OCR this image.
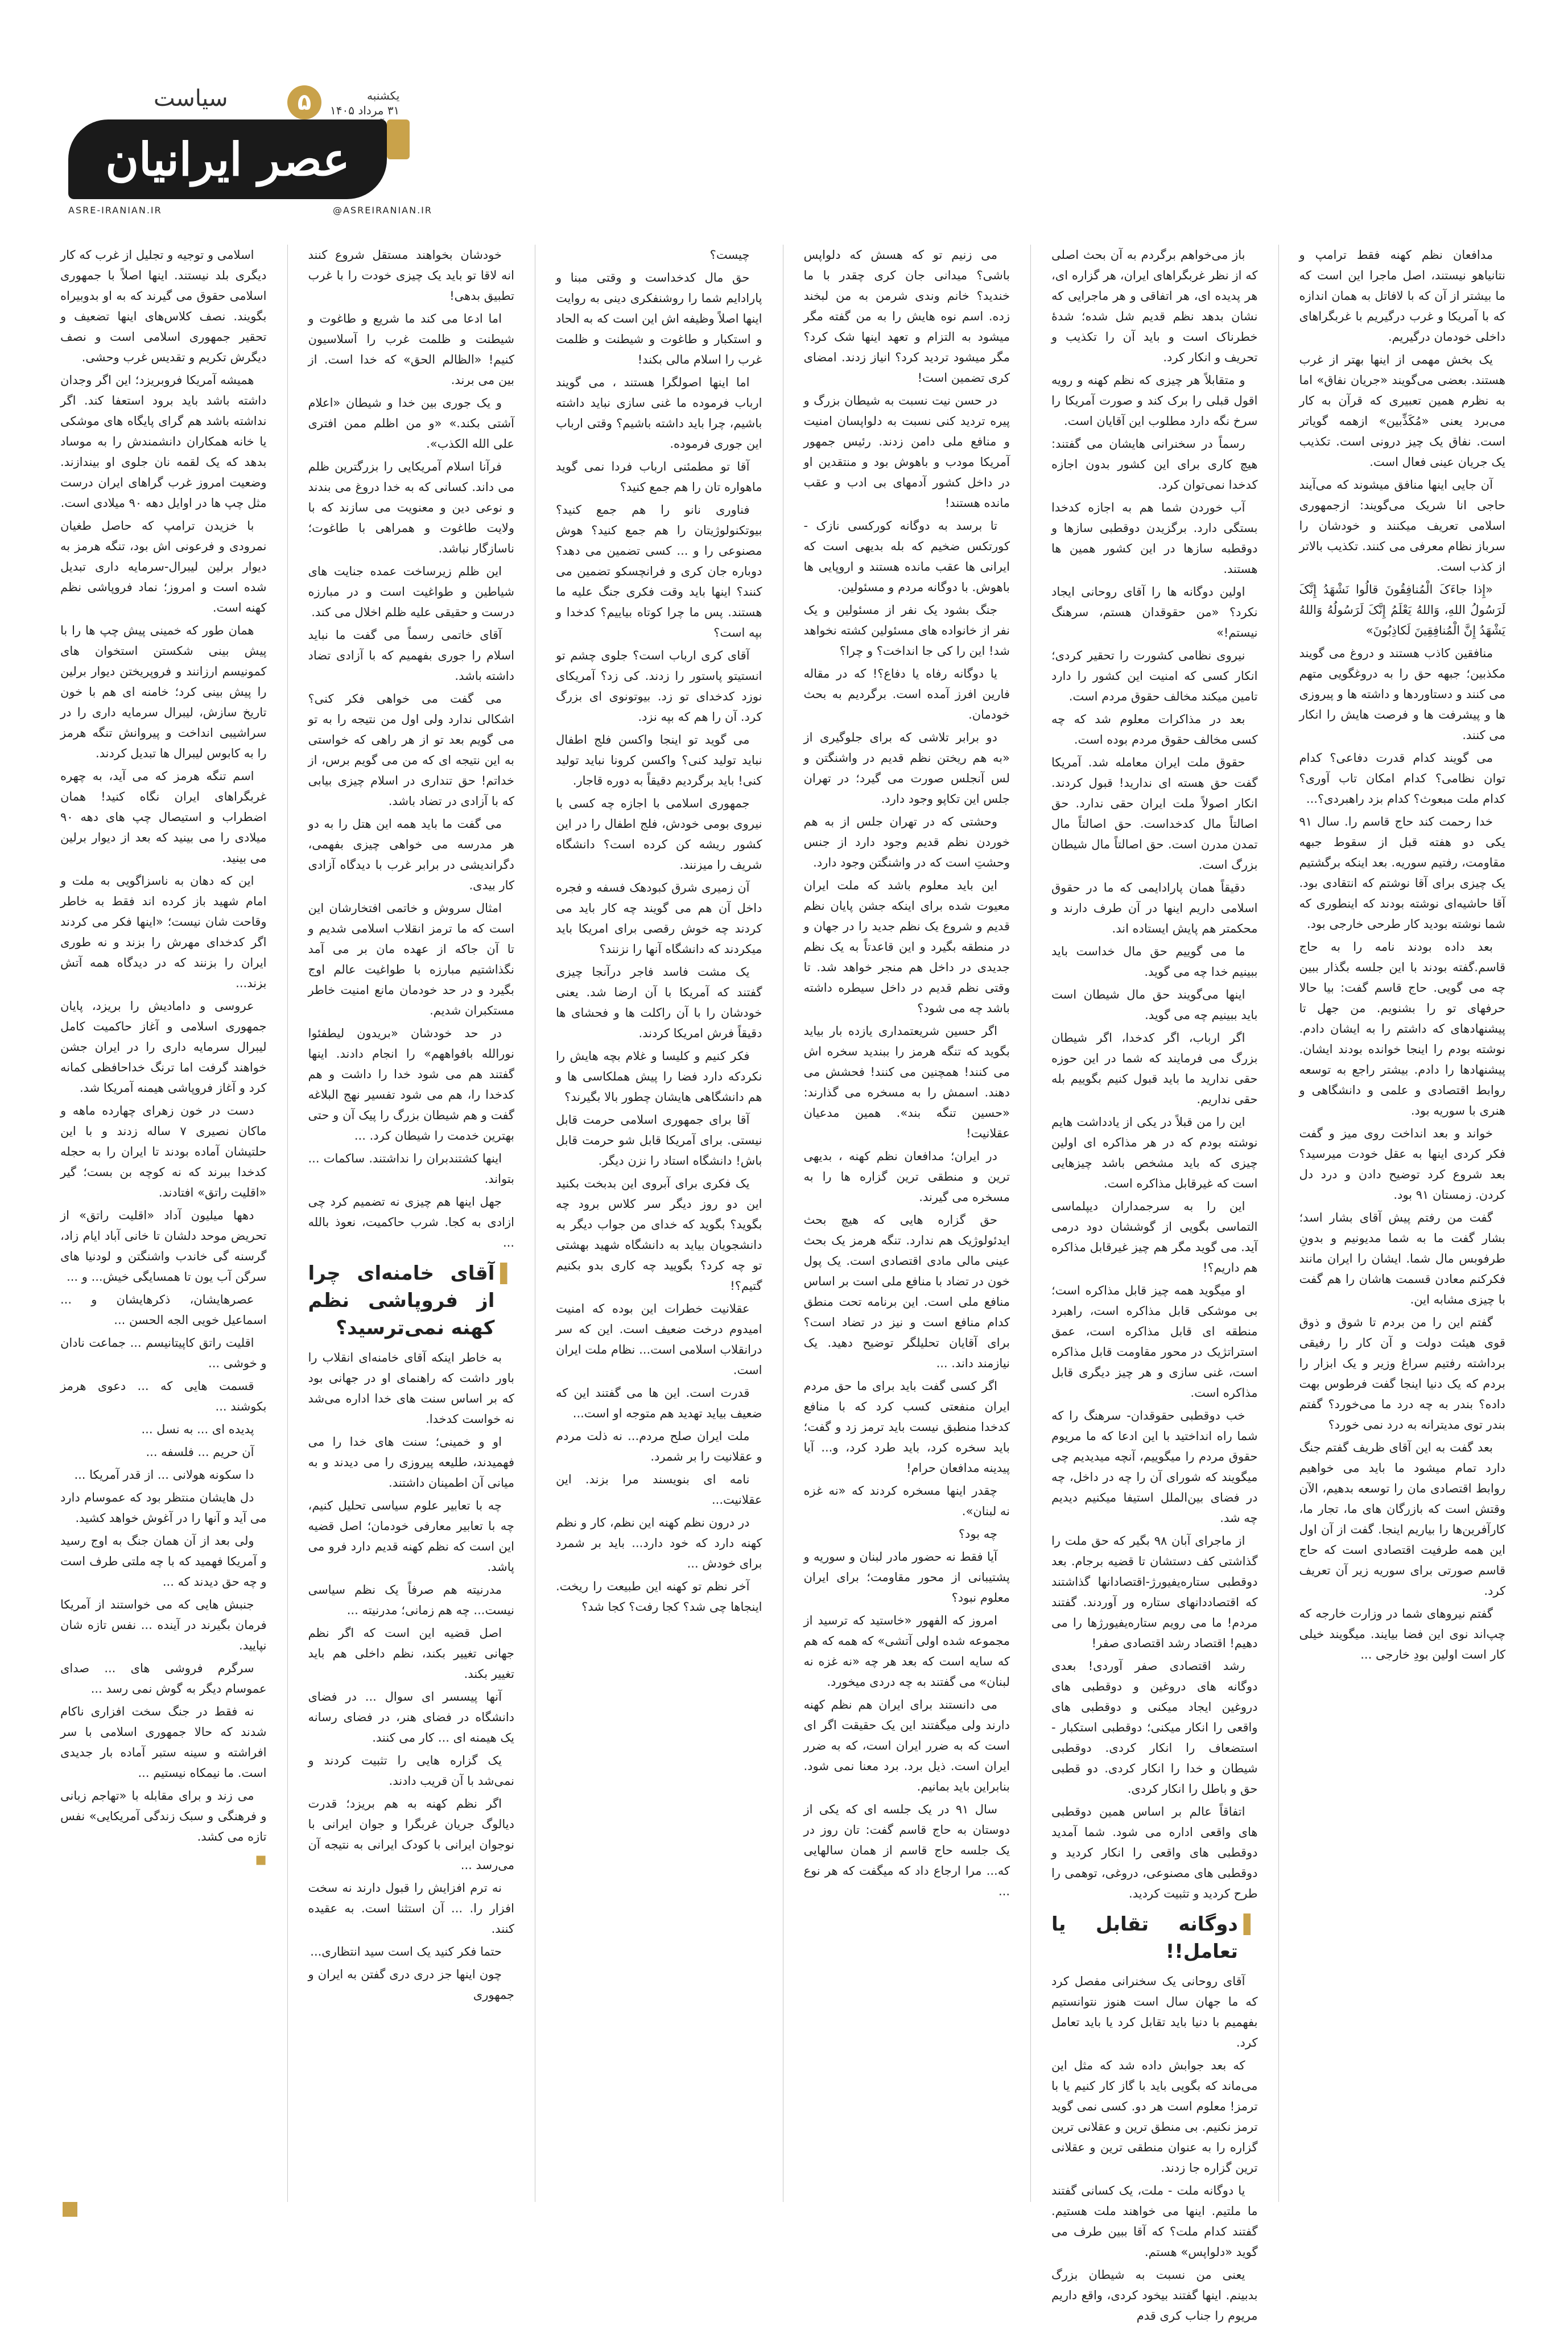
۵
سیاست	یکشنبه
۳۱ مرداد ۱۴۰۵
عصر ایرانیان
ASRE-IRANIAN.IR	@ASREIRANIAN.IR

مدافعان نظم کهنه فقط ترامپ و نتانیاهو نیستند، اصل ماجرا این است که ما بیشتر از آن که با لافاتل به همان اندازه که با آمریکا و غرب درگیریم با غربگراهای داخلی خودمان درگیریم.

یک بخش مهمی از اینها بهتر از غرب هستند. بعضی می‌گویند «جریان نفاق» اما به نظرم همین تعبیری که قرآن به کار می‌برد یعنی «مُکَذِّبین» ازهمه گویاتر است. نفاق یک چیز درونی است. تکذیب یک جریان عینی فعال است.

آن جایی اینها منافق میشوند که می‌آیند حاجی انا شریک می‌گویند: ازجمهوری اسلامی تعریف میکنند و خودشان را سرباز نظام معرفی می کنند. تکذیب بالاتر از کذب است.

«إِذا جاءَکَ الْمُنافِقُونَ قالُوا نَشْهَدُ إِنَّکَ لَرَسُولُ اللهِ، وَاللهُ یَعْلَمُ إِنَّکَ لَرَسُولُهُ وَاللهُ یَشْهَدُ إِنَّ الْمُنافِقِینَ لَکاذِبُونَ»

منافقین کاذب هستند و دروغ می گویند مکذبین؛ جبهه حق را به دروغگویی متهم می کنند و دستاوردها و داشته ها و پیروزی ها و پیشرفت ها و فرصت هایش را انکار می کنند.

می گویند کدام قدرت دفاعی؟ کدام توان نظامی؟ کدام امکان تاب آوری؟ کدام ملت مبعوث؟ کدام بزد راهبردی؟...

خدا رحمت کند حاج قاسم را. سال ۹۱ یکی دو هفته قبل از سقوط جبهه مقاومت، رفتیم سوریه. بعد اینکه برگشتیم یک چیزی برای آقا نوشتم که انتقادی بود. آقا حاشیه‌ای نوشته بودند که اینطوری که شما نوشته بودید کار طرحی خارجی بود.

بعد داده بودند نامه را به حاج قاسم.گفته بودند با این جلسه بگذار ببین چه می گویی. حاج قاسم گفت: بیا حالا حرفهای تو را بشنویم. من جهل تا پیشنهادهای که داشتم را به ایشان دادم. نوشته بودم را اینجا خوانده بودند ایشان. پیشنهادها را دادم. بیشتر راجع به توسعه روابط اقتصادی و علمی و دانشگاهی و هنری با سوریه بود.

خواند و بعد انداخت روی میز و گفت فکر کردی اینها به عقل خودت میرسید؟ بعد شروع کرد توضیح دادن و درد دل کردن. زمستان ۹۱ بود.

گفت من رفتم پیش آقای بشار اسد؛ بشار گفت ما به شما مدیونیم و بدونِ طرفوبس مال شما. ایشان را ایران مانند فکرکنم معادن قسمت هاشان را هم گفت با چیزی مشابه این.

گفتم این را من بردم تا شوق و ذوق قوی هیئت دولت و آن کار را رفیقی برداشته رفتیم سراغ وزیر و یک ابزار را بردم که یک دنیا اینجا گفت فرطوس بهت داده؟ بندر به چه درد ما می‌خورد؟ گفتم بندر توی مدیترانه به درد نمی خورد؟

بعد گفت به این آقای ظریف گفتم جنگ دارد تمام میشود ما باید می خواهیم روابط اقتصادی مان را توسعه بدهیم، الآن وقتش است که بازرگان های ما، تجار ما، کارآفرین‌ها را بیاریم اینجا. گفت از آن اول این همه طرفیت اقتصادی است که حاج قاسم صورتی برای سوریه زیر آن تعریف کرد.

گفتم نیروهای شما در وزارت خارجه که چپ‌اند نوی این فضا بیایند. میگویند خیلی کار است اولین بودِ خارجی ...

باز می‌خواهم برگردم به آن بحث اصلی که از نظر غربگراهای ایران، هر گزاره ای، هر پدیده ای، هر اتفاقی و هر ماجرایی که نشان بدهد نظم قدیم شل شده؛ شدهٔ خطرناک است و باید آن را تکذیب و تحریف و انکار کرد.

و متقابلاً هر چیزی که نظم کهنه و رویه اقول قبلی را برک کند و صورت آمریکا را سرخ نگه دارد مطلوب این آقایان است.

رسماً در سخنرانی هایشان می گفتند: هیچ کاری برای این کشور بدون اجازه کدخدا نمی‌توان کرد.

آب خوردن شما هم به اجازه کدخدا بستگی دارد. برگزیدن دوقطبی سازها و دوقطبه سازها در این کشور همین ها هستند.

اولین دوگانه ها را آقای روحانی ایجاد نکرد؟ «من حقوقدان هستم، سرهنگ نیستم!»

نیروی نظامی کشورت را تحقیر کردی؛ انکار کسی که امنیت این کشور را دارد تامین میکند مخالف حقوق مردم است.

بعد در مذاکرات معلوم شد که چه کسی مخالف حقوق مردم بوده است.

حقوق ملت ایران معامله شد. آمریکا گفت حق هسته ای ندارید! قبول کردند. انکار اصولاً ملت ایران حقی ندارد. حق اصالتاً مال کدخداست. حق اصالتاً مال تمدن مدرن است. حق اصالتاً مال شیطان بزرگ است.

دقیقاً همان پارادایمی که ما در حقوق اسلامی داریم اینها در آن طرف دارند و محکمتر هم پایش ایستاده اند.

ما می گوییم حق مال خداست باید ببینیم خدا چه می گوید.

اینها می‌گویند حق مال شیطان است باید ببینیم چه می گوید.

اگر ارباب، اگر کدخدا، اگر شیطان بزرگ می فرمایند که شما در این حوزه حقی ندارید ما باید قبول کنیم بگوییم بله حقی نداریم.

این را من قبلاً در یکی از یادداشت هایم نوشته بودم که در هر مذاکره ای اولین چیزی که باید مشخص باشد چیزهایی است که غیرقابل مذاکره است.

این را به سرجمداران دیپلماسی التماسی بگویی از گوششان دود درمی آید. می گوید مگر هم چیز غیرقابل مذاکره هم داریم؟!

او میگوید همه چیز قابل مذاکره است؛ بی موشکی قابل مذاکره است، راهبرد منطقه ای قابل مذاکره است، عمق استراتژیک در محور مقاومت قابل مذاکره است، غنی سازی و هر چیز دیگری قابل مذاکره است.

خب دوقطبی حقوقدان- سرهنگ را که شما راه انداختید با این ادعا که ما مریوم حقوق مردم را میگوییم، آنچه میدیدیم چی میگویند که شورای آن را چه در داخل، چه در فضای بین‌الملل استیفا میکنیم دیدیم چه شد.

از ماجرای آبان ۹۸ بگیر که حق ملت را گذاشتی کف دستشان تا قضیه برجام. بعد دوقطبی ستاره‌یفیورژ-اقتصادانها گذاشتند که اقتصاددانهای ستاره ور آوردند. گفتند مردم! ما می رویم ستاره‌یفیورژها را می دهیم! اقتصاد رشد اقتصادی صفر!

رشد اقتصادی صفر آوردی! بعدی دوگانه های دروغین و دوقطبی های دروغین ایجاد میکنی و دوقطبی های واقعی را انکار میکنی؛ دوقطبی استکبار - استضعاف را انکار کردی. دوقطبی شیطان و خدا را انکار کردی. دو قطبی حق و باطل را انکار کردی.

اتفاقاً عالم بر اساس همین دوقطبی های واقعی اداره می شود. شما آمدید دوقطبی های واقعی را انکار کردید و دوقطبی های مصنوعی، دروغی، توهمی را طرح کردید و تثبیت کردید.

▌
دوگانه تقابل یا تعامل!!

آقای روحانی یک سخنرانی مفصل کرد که ما جهان سال است هنوز نتوانستیم بفهمیم با دنیا باید تقابل کرد یا باید تعامل کرد.

که بعد جوابش داده شد که مثل این می‌ماند که بگویی باید با گاز کار کنیم یا با ترمز! معلوم است هر دو. کسی نمی گوید ترمز نکنیم. بی منطق ترین و عقلانی ترین گزاره را به عنوان منطقی ترین و عقلانی ترین گزاره جا زدند.

یا دوگانه ملت - ملت، یک کسانی گفتند ما ملتیم. اینها می خواهند ملت هستیم. گفتند کدام ملت؟ که آقا ببین طرف می گوید «دلواپس» هستم.

یعنی من نسبت به شیطان بزرگ بدبینم. اینها گفتند بیخود کردی، واقع داریم مریوم را جناب کری قدم

می زنیم تو که هسش که دلواپس باشی؟ میدانی جان کری چقدر با ما خندید؟ خانم وندی شرمن به من لبخند زده. اسم نوه هایش را به من گفته مگر میشود به التزام و تعهد اینها شک کرد؟ مگر میشود تردید کرد؟ انیاز زدند. امضای کری تضمین است!

در حسن نیت نسبت به شیطان بزرگ و پیره تردید کنی نسبت به دلواپسان امنیت و منافع ملی دامن زدند. رئیس جمهور آمریکا مودب و باهوش بود و منتقدین او در داخل کشور آدمهای بی ادب و عقب مانده هستند!

تا برسد به دوگانه کورکسی نازک - کورتکس ضخیم که بله بدیهی است که ایرانی ها عقب مانده هستند و اروپایی ها باهوش. با دوگانه مردم و مسئولین.

جنگ بشود یک نفر از مسئولین و یک نفر از خانواده های مسئولین کشته نخواهد شد! این را کی جا انداخت؟ و چرا؟

یا دوگانه رفاه یا دفاع؟! که در مقاله فارین افرز آمده است. برگردیم به بحث خودمان.

دو برابر تلاشی که برای جلوگیری از «به هم ریختن نظم قدیم در واشنگتن و لس آنجلس صورت می گیرد؛ در تهران جلس این تکاپو وجود دارد.

وحشتی که در تهران جلس از به هم خوردن نظم قدیم وجود دارد از جنس وحشتِ است که در واشنگتن وجود دارد.

این باید معلوم باشد که ملت ایران معیوت شده برای اینکه جشن پایان نظم قدیم و شروع یک نظم جدید را در جهان و در منطقه بگیرد و این قاعدتاً به یک نظم جدیدی در داخل هم منجر خواهد شد. تا وقتی نظم قدیم در داخل سیطره داشته باشد چه می شود؟

اگر حسین شریعتمداری یازده بار بیاید بگوید که تنگه هرمز را ببندید سخره اش می کنند! همچنین می کنند! فحشش می دهند. اسمش را به مسخره می گذارند: «حسین تنگه بند». همین مدعیان عقلانیت!

در ایران؛ مدافعان نظم کهنه ، بدیهی ترین و منطقی ترین گزاره ها را به مسخره می گیرند.

حق گزاره هایی که هیچ بحث ایدئولوژیک هم ندارد. تنگه هرمز یک بحث عینی مالی مادی اقتصادی است. یک پول خون در تضاد با منافع ملی است بر اساس منافع ملی است. این برنامه تحت منطق کدام منافع است و نیز در تضاد است؟ برای آقایان تحلیلگر توضیح دهید. یک نیازمند داند. ...

اگر کسی گفت باید برای ما حق مردم ایران منفعتی کسب کرد که با منافع کدخدا منطبق نیست باید ترمز زد و گفت؛ باید سخره کرد، باید طرد کرد، و... آیا پیدینه مدافعان حرام!

چقدر اینها مسخره کردند که «نه غزه نه لبنان».

چه بود؟

آیا فقط نه حضور مادر لبنان و سوریه و پشتیبانی از محور مقاومت؛ برای ایران معلوم نبود؟

امروز که الفهور «خاستید که ترسید از مجموعه شده اولی آتشی» که همه که هم که سایه است که بعد هر چه «نه غزه نه لبنان» می گفتند به چه دردی میخورد.

می دانستند برای ایران هم نظم کهنه دارند ولی میگفتند این یک حقیقت اگر ای است که به ضرر ایران است، که به ضرر ایران است. ذیل برد. برد معنا نمی شود. بنابراین باید بمانیم.

سال ۹۱ در یک جلسه ای که یکی از دوستان به حاج قاسم گفت: تان روز در یک جلسه حاج قاسم از همان سالهایی که... مرا ارجاع داد که میگفت که هر نوع ...

چیست؟

حق مال کدخداست و وقتی مبنا و پارادایم شما را روشنفکری دینی به روایت اینها اصلاً وظیفه اش این است که به الحاد و استکبار و طاغوت و شیطنت و ظلمت غرب را اسلام مالی بکند!

اما اینها اصولگرا هستند ، می گویند ارباب فرموده ما غنی سازی نباید داشته باشیم، چرا باید داشته باشیم؟ وقتی ارباب این جوری فرموده.

آقا تو مطمئنی ارباب فردا نمی گوید ماهواره تان را هم جمع کنید؟

فناوری نانو را هم جمع کنید؟ بیوتکنولوژیتان را هم جمع کنید؟ هوش مصنوعی را و ... کسی تضمین می دهد؟ دوباره جان کری و فرانچسکو تضمین می کنند؟ اینها باید وقت فکری جنگ علیه ما هستند. پس ما چرا کوتاه بیاییم؟ کدخدا و بپه است؟

آقای کری ارباب است؟ جلوی چشم تو انستیتو پاستور را زدند. کی زد؟ آمریکای نوزد کدخدای تو زد. بیوتونوی ای بزرگ کرد. آن را هم که بپه نزد.

می گوید تو اینجا واکسن فلج اطفال نباید تولید کنی؟ واکسن کرونا نباید تولید کنی! باید برگردیم دقیقاً به دوره قاجار.

جمهوری اسلامی با اجازه چه کسی با نیروی بومی خودش، فلج اطفال را در این کشور ریشه کن کرده است؟ دانشگاه شریف را میزنند.

آن زمیری شرق کبودهک فسفه و فجره داخل آن هم می گویند چه کار باید می کردند چه خوش رقصی برای امریکا باید میکردند که دانشگاه آنها را نزنند؟

یک مشت فاسد فاجر درآنجا چیزی گفتند که آمریکا با آن ارضا شد. یعنی خودشان را با آن راکلت ها و فحشای ها دقیقاً فرش امریکا کردند.

فکر کنیم و کلیسا و غلام بچه هایش را نکردکه دارد فضا را پیش هملکاسی ها و هم دانشگاهی هایشان چطور بالا بگیرند؟

آقا برای جمهوری اسلامی حرمت قابل نیستی. برای آمریکا قابل شو حرمت قابل باش! دانشگاه استاد را نزن دیگر.

یک فکری برای آبروی این بدبخت بکنید این دو روز دیگر سر کلاس برود چه بگوید؟ بگوید که خدای من جواب دیگر به دانشجویان بیاید به دانشگاه شهید بهشتی تو چه کرد؟ بگویید چه کاری بدو بکنیم گتیم؟!

عقلانیت خطرات این بوده که امنیت امیدوم درخت ضعیف است. این که سر درانقلاب اسلامی است... نظام ملت ایران است.

قدرت است. این ها می گفتند این که ضعیف بیاید تهدید هم متوجه او است...

ملت ایران صلح مردم... نه ذلت مردم و عقلانیت را بر شمرد.

نامه ای بنویسند مرا بزند. این عقلانیت...

در درون نظم کهنه این نظم، کار و نظم کهنه دارد که خود دارد... باید بر شمرد برای خودش ...

آخر نظم تو کهنه این طبیعت را ریخت. اینجاها چی شد؟ کجا رفت؟ کجا شد؟

خودشان بخواهند مستقل شروع کنند انه لاقا تو باید یک چیزی خودت را با غرب تطبیق بدهی!

اما ادعا می کند ما شریع و طاغوت و شیطنت و ظلمت غرب را آسلاسیون کنیم! «الظالم الحق» که خدا است. از بین می برند.

و یک جوری بین خدا و شیطان «اعلام آشتی بکند.» «و من اظلم ممن افتری علی الله الکذب».

فرآنا اسلام آمریکایی را بزرگترین ظلم می داند. کسانی که به خدا دروغ می بندند و نوعی دین و معنویت می سازند که با ولایت طاغوت و همراهی با طاغوت؛ ناسازگار نباشد.

این ظلم زیرساخت عمده جنایت های شیاطین و طواغیت است و در مبارزه درست و حقیقی علیه ظلم اخلال می کند.

آقای خاتمی رسماً می گفت ما نباید اسلام را جوری بفهمیم که با آزادی تضاد داشته باشد.

می گفت می خواهی فکر کنی؟ اشکالی ندارد ولی اول من نتیجه را به تو می گویم بعد تو از هر راهی که خواستی به این نتیجه ای که من می گویم برس، از خداتم! حق تنداری در اسلام چیزی بیابی که با آزادی در تضاد باشد.

می گفت ما باید همه این هتل را به دو هر مدرسه می خواهی چیزی بفهمی، دگراندیشی در برابر غرب با دیدگاه آزادی کار بیدی.

امثال سروش و خاتمی افتخارشان این است که ما ترمز انقلاب اسلامی شدیم و تا آن جاکه از عهده مان بر می آمد نگذاشتیم مبارزه با طواغیت عالم اوج بگیرد و در حد خودمان مانع امنیت خاطر مستکبران شدیم.

در حد خودشان «بریدون لیطفئوا نورالله بافواههم» را انجام دادند. اینها گفتند هم می شود خدا را داشت و هم کدخدا را، هم می شود تفسیر نهج البلاغه گفت و هم شیطان بزرگ را پیک آن و حتی بهترین خدمت را شیطان کرد. ...

اینها کشتندبران را نداشتند. ساکمات ... بتواند.

جهل اینها هم چیزی نه تضمیم کرد چی ازادی به کجا. شرب حاکمیت، نعوذ بالله ...

▌
آقای خامنه‌ای چرا از فروپاشی نظم کهنه نمی‌ترسید؟

به خاطر اینکه آقای خامنه‌ای انقلاب را باور داشت که راهنمای او در جهانی بود که بر اساس سنت های خدا اداره می‌شد نه خواست کدخدا.

او و خمینی؛ سنت های خدا را می فهمیدند، طلیعه پیروزی را می دیدند و به میانی آن اطمینان داشتند.

چه با تعابیر علوم سیاسی تحلیل کنیم، چه با تعابیر معارفی خودمان؛ اصل قضیه این است که نظم کهنه قدیم دارد فرو می پاشد.

مدرنیته هم صرفاً یک نظم سیاسی نیست... چه هم زمانی؛ مدرنیته ...

اصل قضیه این است که اگر نظم جهانی تغییر بکند، نظم داخلی هم باید تغییر بکند.

آنها پیسسر ای سوال ... در فضای دانشگاه در فضای هنر، در فضای رسانه یک هیمنه ای ... کار می کنند.

یک گزاره هایی را تثبیت کردند و نمی‌شد با آن قریب دادند.

اگر نظم کهنه به هم بریزد؛ قدرت دیالوگ جریان غربگرا و جوان ایرانی با نوجوان ایرانی با کودک ایرانی به نتیجه آن می‌رسد ...

نه ترم افزایش را قبول دارند نه سخت افزار را. ... آن استثنا است. به عقیده کنند.

حتما فکر کنید یک است سید انتظاری...

چون اینها جز دری دری گفتن به ایران و جمهوری

اسلامی و توجیه و تجلیل از غرب که کار دیگری بلد نیستند. اینها اصلاً با جمهوری اسلامی حقوق می گیرند که به او بدوبیراه بگویند. نصف کلاس‌های اینها تضعیف و تحقیر جمهوری اسلامی است و نصف دیگرش تکریم و تقدیس غرب وحشی.

همیشه آمریکا فروبریزد؛ این اگر وجدان داشته باشد باید برود استعفا کند. اگر نداشته باشد هم گرای پایگاه های موشکی یا خانه همکاران دانشمندش را به موساد بدهد که یک لقمه نان جلوی او بیندازند. وضعیت امروز غرب گراهای ایران درست مثل چپ ها در اوایل دهه ۹۰ میلادی است.

با خزیدن ترامپ که حاصل طغیان نمرودی و فرعونی اش بود، تنگه هرمز به دیوار برلین لیبرال-سرمایه داری تبدیل شده است و امروز؛ نماد فروپاشی نظم کهنه است.

همان طور که خمینی پیش چپ ها را با پیش بینی شکستن استخوان های کمونیسم ارزانند و فروپریختن دیوار برلین را پیش بینی کرد؛ خامنه ای هم با خون تاریخ سازش، لیبرال سرمایه داری را در سراشیبی انداخت و پیروانش تنگه هرمز را به کابوس لیبرال ها تبدیل کردند.

اسم تنگه هرمز که می آید، به چهره غربگراهای ایران نگاه کنید! همان اضطراب و استیصال چپ های دهه ۹۰ میلادی را می بینید که بعد از دیوار برلین می بینید.

این که دهان به ناسزاگویی به ملت و امام شهید باز کرده اند فقط به خاطر وقاحت شان نیست؛ «اینها فکر می کردند اگر کدخدای مهرش را بزند و نه طوری ایران را بزنند که در دیدگاه همه آتش بزند...

عروسی و دامادیش را بریزد، پایان جمهوری اسلامی و آغاز حاکمیت کامل لیبرال سرمایه داری را در ایران جشن خواهند گرفت اما ترنگ خداحافظی کمانه کرد و آغاز فروپاشی هیمنه آمریکا شد.

دست در خون زهرای چهارده ماهه و ماکان نصیری ۷ ساله زدند و با این حلتیشان آماده بودند تا ایران را به حجله کدخدا ببرند که نه کوچه بن بست؛ گیر «اقلیت راتق» افتادند.

دهها میلیون آداد «اقلیت راتق» از تحریض موحد دلشان تا خانی آباد ایام زاد، گرسنه گی خاندب واشنگتن و لودنیا های سرگن آب یون تا همسایگی خیش... و ...

عصرهایشان، ذکرهایشان و ... اسماعیل خویی الجه الحسن ...

اقلیت راتق کاپیتانیسم ... جماعت نادان و خوشی ...

قسمت هایی که ... دعوی هرمز بکوشند ...

پدیده ای ... به نسل ...

آن حریم ... فلسفه ...

دا سکونه هولانی ... از قدر آمریکا ...

دل هایشان منتظر بود که عموسام دارد می آید و آنها را در آغوش خواهد کشید.

ولی بعد از آن همان جنگ به اوج رسید و آمریکا فهمید که با چه ملتی طرف است و چه حق دیدند که ...

جنبش هایی که می خواستند از آمریکا فرمان بگیرند در آینده ... نفس تازه شان نپایید.

سرگرم فروشی های ... صدای عموسام دیگر به گوش نمی رسد ...

نه فقط در جنگ سخت افزاری ناکام شدند که حالا جمهوری اسلامی با سر افراشته و سینه ستبر آماده بار جدیدی است. ما نیمکاه نیستیم ...

می زند و برای مقابله با «تهاجم زبانی و فرهنگی و سبک زندگی آمریکایی» نفس تازه می کشد.

■
